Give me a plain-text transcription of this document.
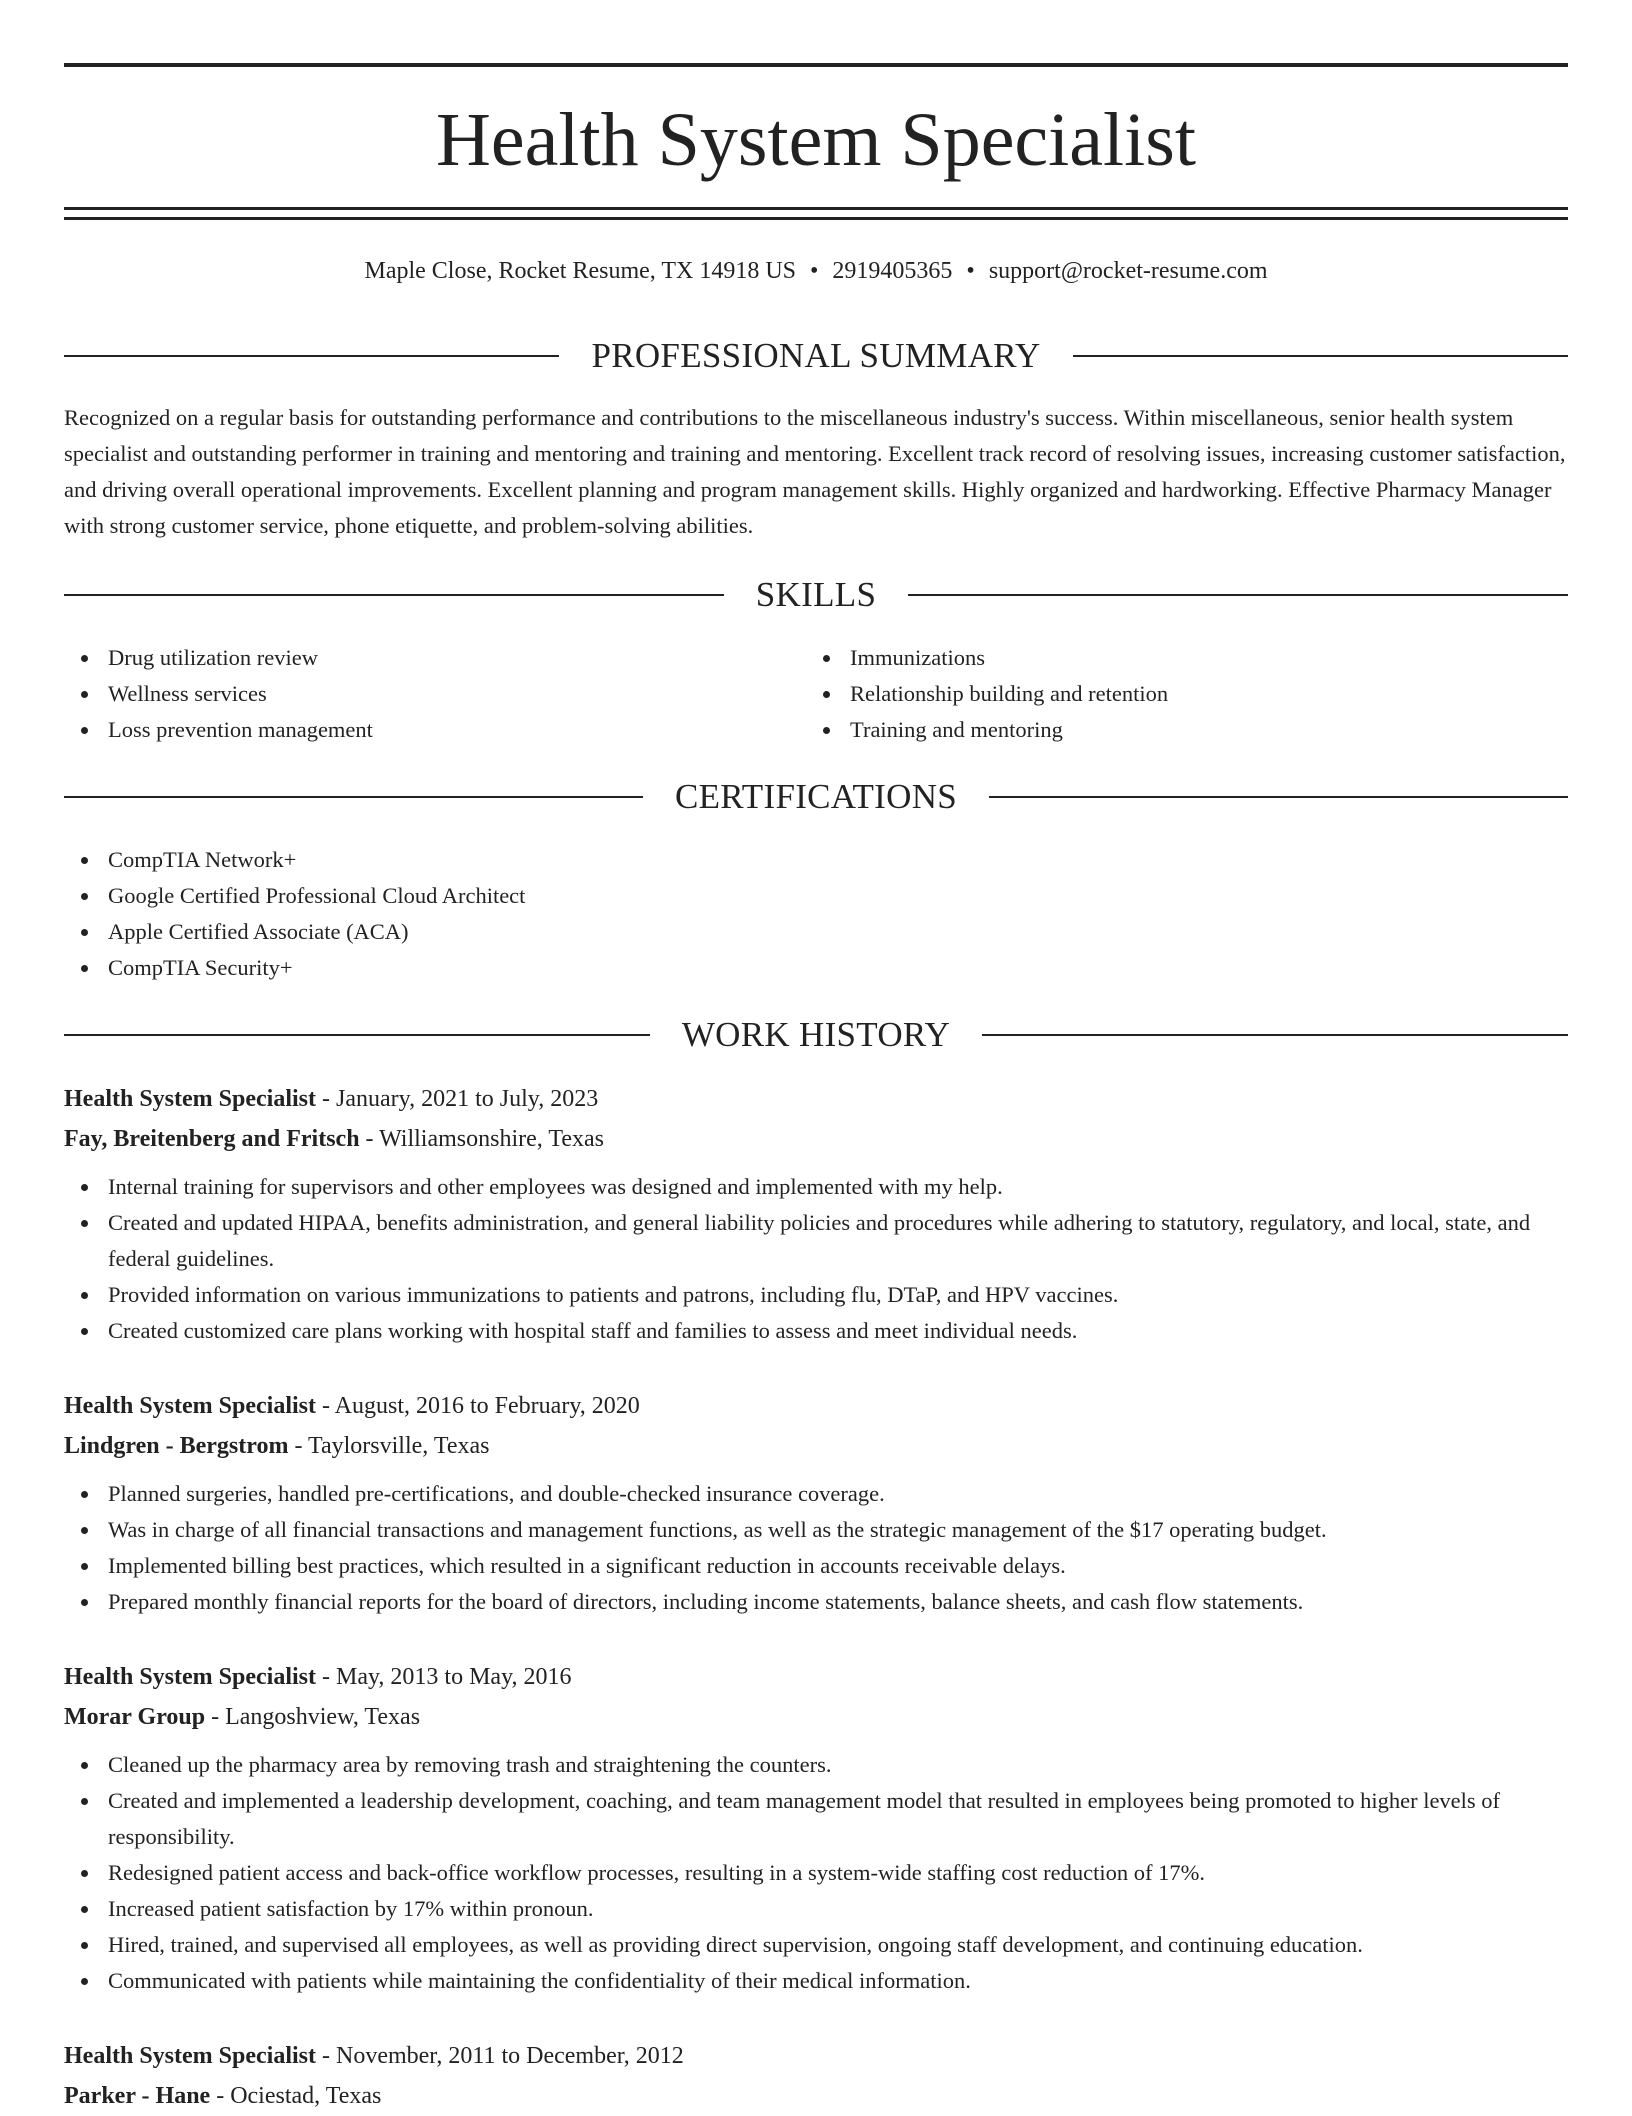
Health System Specialist
Maple Close, Rocket Resume, TX 14918 US • 2919405365 • support@rocket-resume.com
PROFESSIONAL SUMMARY

Recognized on a regular basis for outstanding performance and contributions to the miscellaneous industry's success. Within miscellaneous, senior health system specialist and outstanding performer in training and mentoring and training and mentoring. Excellent track record of resolving issues, increasing customer satisfaction, and driving overall operational improvements. Excellent planning and program management skills. Highly organized and hardworking. Effective Pharmacy Manager with strong customer service, phone etiquette, and problem-solving abilities.

SKILLS
Drug utilization review
Wellness services
Loss prevention management
Immunizations
Relationship building and retention
Training and mentoring
CERTIFICATIONS
CompTIA Network+
Google Certified Professional Cloud Architect
Apple Certified Associate (ACA)
CompTIA Security+
WORK HISTORY
Health System Specialist - January, 2021 to July, 2023
Fay, Breitenberg and Fritsch - Williamsonshire, Texas
Internal training for supervisors and other employees was designed and implemented with my help.
Created and updated HIPAA, benefits administration, and general liability policies and procedures while adhering to statutory, regulatory, and local, state, and federal guidelines.
Provided information on various immunizations to patients and patrons, including flu, DTaP, and HPV vaccines.
Created customized care plans working with hospital staff and families to assess and meet individual needs.
Health System Specialist - August, 2016 to February, 2020
Lindgren - Bergstrom - Taylorsville, Texas
Planned surgeries, handled pre-certifications, and double-checked insurance coverage.
Was in charge of all financial transactions and management functions, as well as the strategic management of the $17 operating budget.
Implemented billing best practices, which resulted in a significant reduction in accounts receivable delays.
Prepared monthly financial reports for the board of directors, including income statements, balance sheets, and cash flow statements.
Health System Specialist - May, 2013 to May, 2016
Morar Group - Langoshview, Texas
Cleaned up the pharmacy area by removing trash and straightening the counters.
Created and implemented a leadership development, coaching, and team management model that resulted in employees being promoted to higher levels of responsibility.
Redesigned patient access and back-office workflow processes, resulting in a system-wide staffing cost reduction of 17%.
Increased patient satisfaction by 17% within pronoun.
Hired, trained, and supervised all employees, as well as providing direct supervision, ongoing staff development, and continuing education.
Communicated with patients while maintaining the confidentiality of their medical information.
Health System Specialist - November, 2011 to December, 2012
Parker - Hane - Ociestad, Texas
